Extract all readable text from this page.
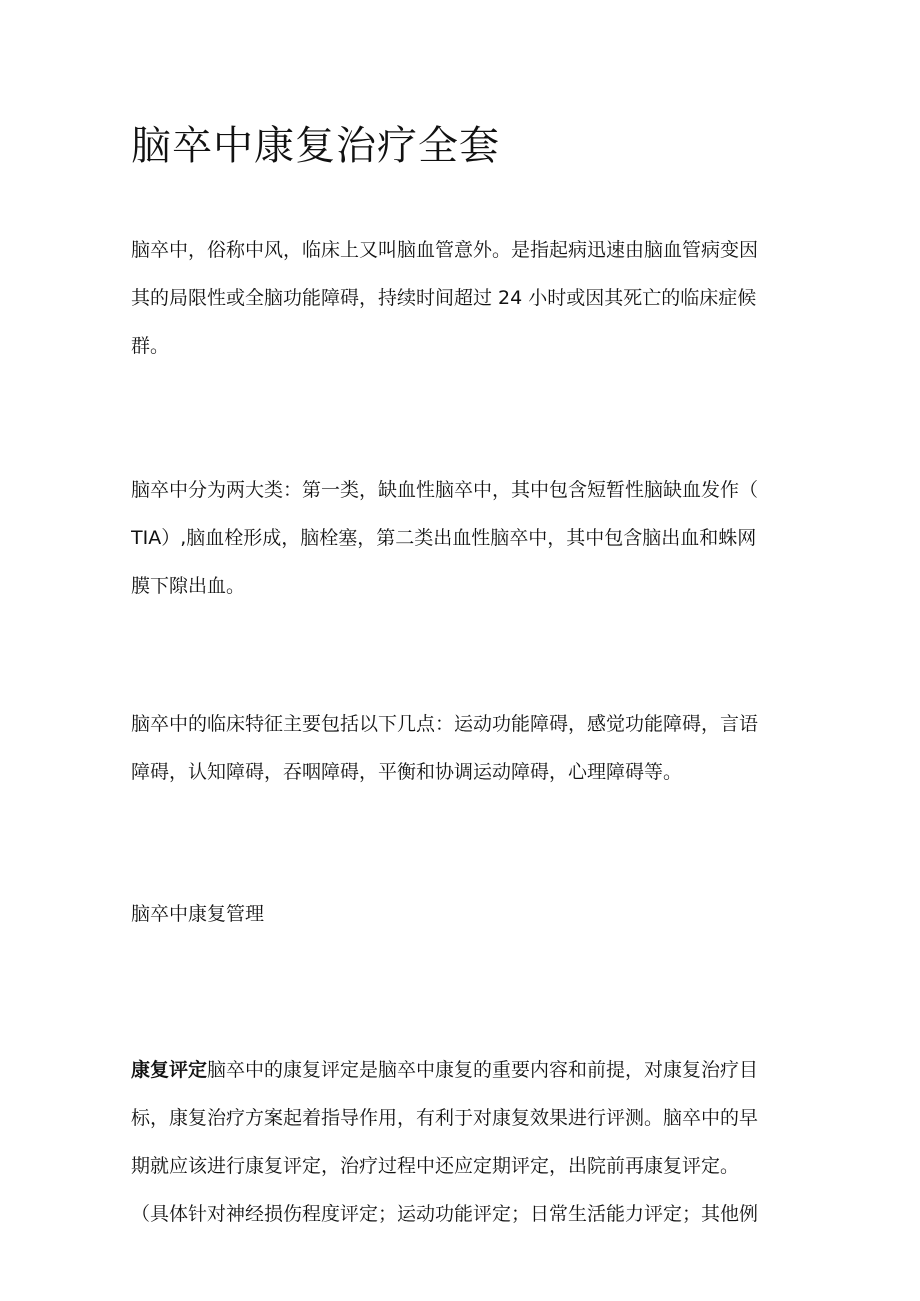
脑卒中康复治疗全套

脑卒中，俗称中风，临床上又叫脑血管意外。是指起病迅速由脑血管病变因
其的局限性或全脑功能障碍，持续时间超过 24 小时或因其死亡的临床症候
群。

脑卒中分为两大类：第一类，缺血性脑卒中，其中包含短暂性脑缺血发作（
TIA）,脑血栓形成，脑栓塞，第二类出血性脑卒中，其中包含脑出血和蛛网
膜下隙出血。

脑卒中的临床特征主要包括以下几点：运动功能障碍，感觉功能障碍，言语
障碍，认知障碍，吞咽障碍，平衡和协调运动障碍，心理障碍等。

脑卒中康复管理

康复评定脑卒中的康复评定是脑卒中康复的重要内容和前提，对康复治疗目
标，康复治疗方案起着指导作用，有利于对康复效果进行评测。脑卒中的早
期就应该进行康复评定，治疗过程中还应定期评定，出院前再康复评定。
（具体针对神经损伤程度评定；运动功能评定；日常生活能力评定；其他例
